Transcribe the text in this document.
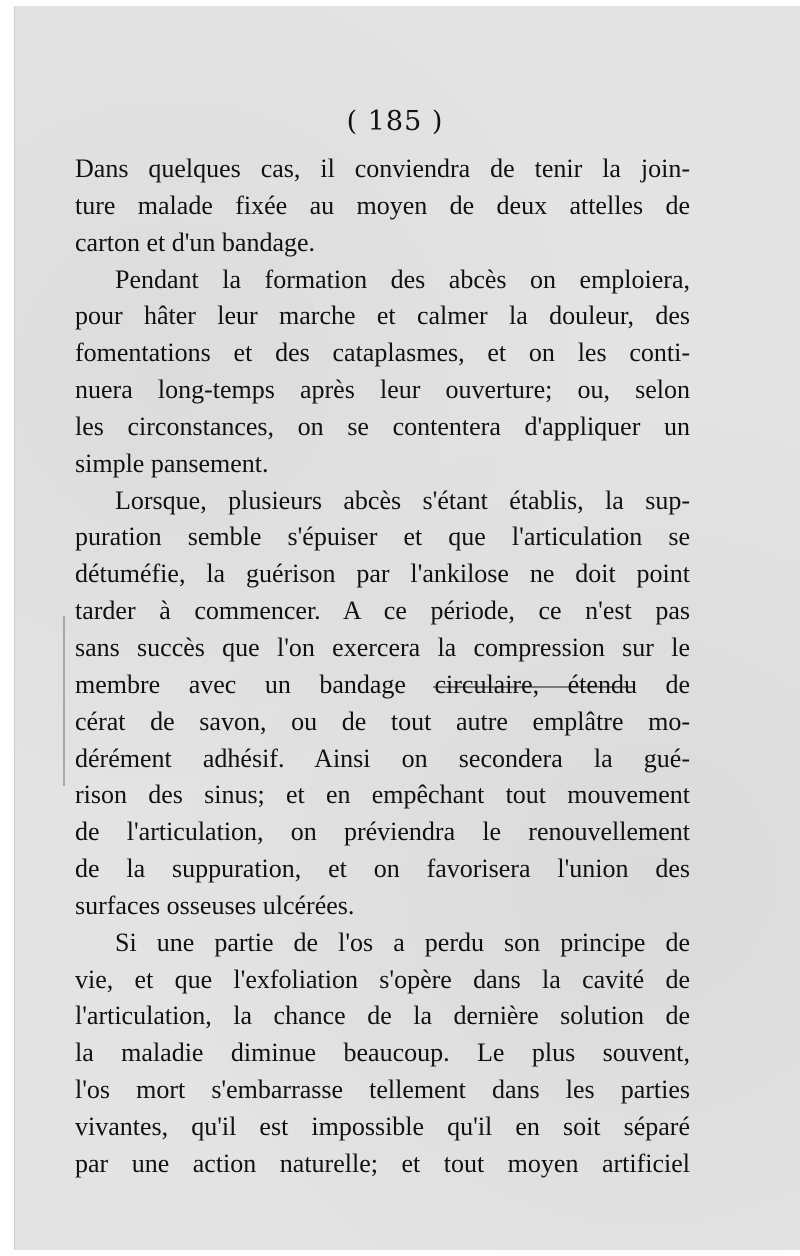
( 185 )
Dans quelques cas, il conviendra de tenir la join-
ture malade fixée au moyen de deux attelles de
carton et d'un bandage.
Pendant la formation des abcès on emploiera,
pour hâter leur marche et calmer la douleur, des
fomentations et des cataplasmes, et on les conti-
nuera long-temps après leur ouverture; ou, selon
les circonstances, on se contentera d'appliquer un
simple pansement.
Lorsque, plusieurs abcès s'étant établis, la sup-
puration semble s'épuiser et que l'articulation se
détuméfie, la guérison par l'ankilose ne doit point
tarder à commencer. A ce période, ce n'est pas
sans succès que l'on exercera la compression sur le
membre avec un bandage circulaire, étendu de
cérat de savon, ou de tout autre emplâtre mo-
dérément adhésif. Ainsi on secondera la gué-
rison des sinus; et en empêchant tout mouvement
de l'articulation, on préviendra le renouvellement
de la suppuration, et on favorisera l'union des
surfaces osseuses ulcérées.
Si une partie de l'os a perdu son principe de
vie, et que l'exfoliation s'opère dans la cavité de
l'articulation, la chance de la dernière solution de
la maladie diminue beaucoup. Le plus souvent,
l'os mort s'embarrasse tellement dans les parties
vivantes, qu'il est impossible qu'il en soit séparé
par une action naturelle; et tout moyen artificiel
